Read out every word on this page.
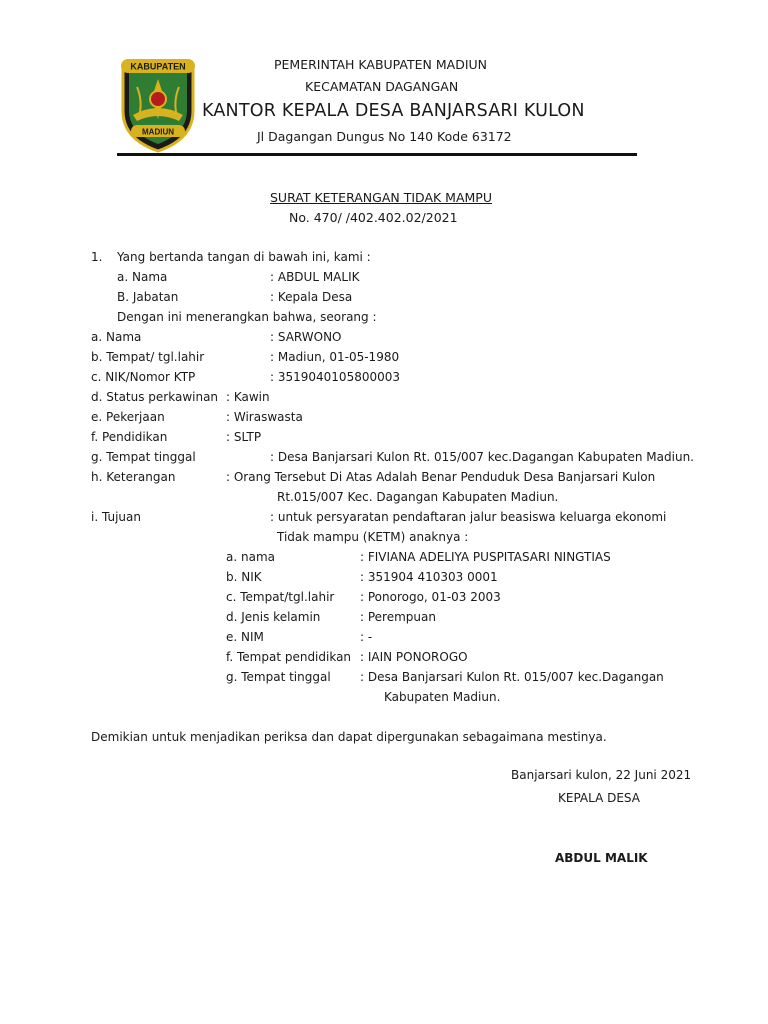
KABUPATEN
MADIUN
PEMERINTAH KABUPATEN MADIUN
KECAMATAN DAGANGAN
KANTOR KEPALA DESA BANJARSARI KULON
Jl Dagangan Dungus No 140 Kode 63172
SURAT KETERANGAN TIDAK MAMPU
No. 470/ /402.402.02/2021
1. Yang bertanda tangan di bawah ini, kami :
a. Nama	: ABDUL MALIK
B. Jabatan	: Kepala Desa
Dengan ini menerangkan bahwa, seorang :
a. Nama	: SARWONO
b. Tempat/ tgl.lahir	: Madiun, 01-05-1980
c. NIK/Nomor KTP	: 3519040105800003
d. Status perkawinan : Kawin
e. Pekerjaan	: Wiraswasta
f. Pendidikan	: SLTP
g. Tempat tinggal	: Desa Banjarsari Kulon Rt. 015/007 kec.Dagangan Kabupaten Madiun.
h. Keterangan	: Orang Tersebut Di Atas Adalah Benar Penduduk Desa Banjarsari Kulon
Rt.015/007 Kec. Dagangan Kabupaten Madiun.
i. Tujuan	: untuk persyaratan pendaftaran jalur beasiswa keluarga ekonomi
Tidak mampu (KETM) anaknya :
a. nama	: FIVIANA ADELIYA PUSPITASARI NINGTIAS
b. NIK	: 351904 410303 0001
c. Tempat/tgl.lahir : Ponorogo, 01-03 2003
d. Jenis kelamin	: Perempuan
e. NIM	: -
f. Tempat pendidikan : IAIN PONOROGO
g. Tempat tinggal : Desa Banjarsari Kulon Rt. 015/007 kec.Dagangan
Kabupaten Madiun.
Demikian untuk menjadikan periksa dan dapat dipergunakan sebagaimana mestinya.
Banjarsari kulon, 22 Juni 2021
KEPALA DESA
ABDUL MALIK
